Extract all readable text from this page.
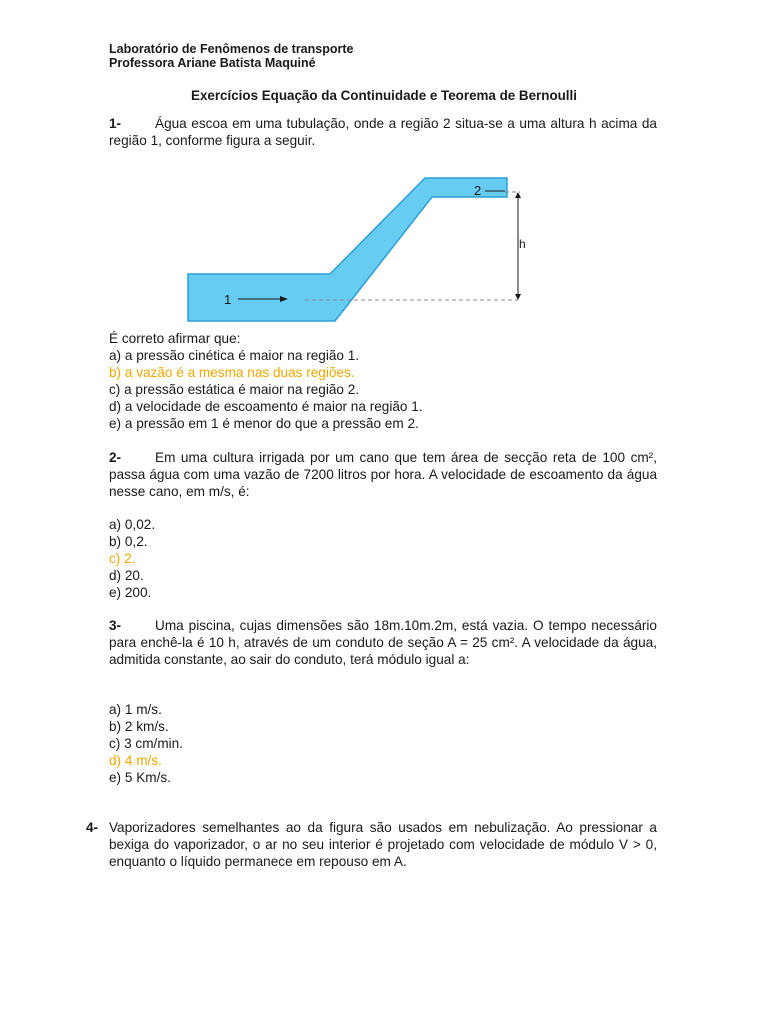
Laboratório de Fenômenos de transporte
Professora Ariane Batista Maquiné
Exercícios Equação da Continuidade e Teorema de Bernoulli
1- Água escoa em uma tubulação, onde a região 2 situa-se a uma altura h acima da região 1, conforme figura a seguir.
1
2
h
É correto afirmar que:
a) a pressão cinética é maior na região 1.
b) a vazão é a mesma nas duas regiões.
c) a pressão estática é maior na região 2.
d) a velocidade de escoamento é maior na região 1.
e) a pressão em 1 é menor do que a pressão em 2.
2- Em uma cultura irrigada por um cano que tem área de secção reta de 100 cm², passa água com uma vazão de 7200 litros por hora. A velocidade de escoamento da água nesse cano, em m/s, é:
a) 0,02.
b) 0,2.
c) 2.
d) 20.
e) 200.
3- Uma piscina, cujas dimensões são 18m.10m.2m, está vazia. O tempo necessário para enchê-la é 10 h, através de um conduto de seção A = 25 cm². A velocidade da água, admitida constante, ao sair do conduto, terá módulo igual a:
a) 1 m/s.
b) 2 km/s.
c) 3 cm/min.
d) 4 m/s.
e) 5 Km/s.
4- Vaporizadores semelhantes ao da figura são usados em nebulização. Ao pressionar a bexiga do vaporizador, o ar no seu interior é projetado com velocidade de módulo V > 0, enquanto o líquido permanece em repouso em A.
